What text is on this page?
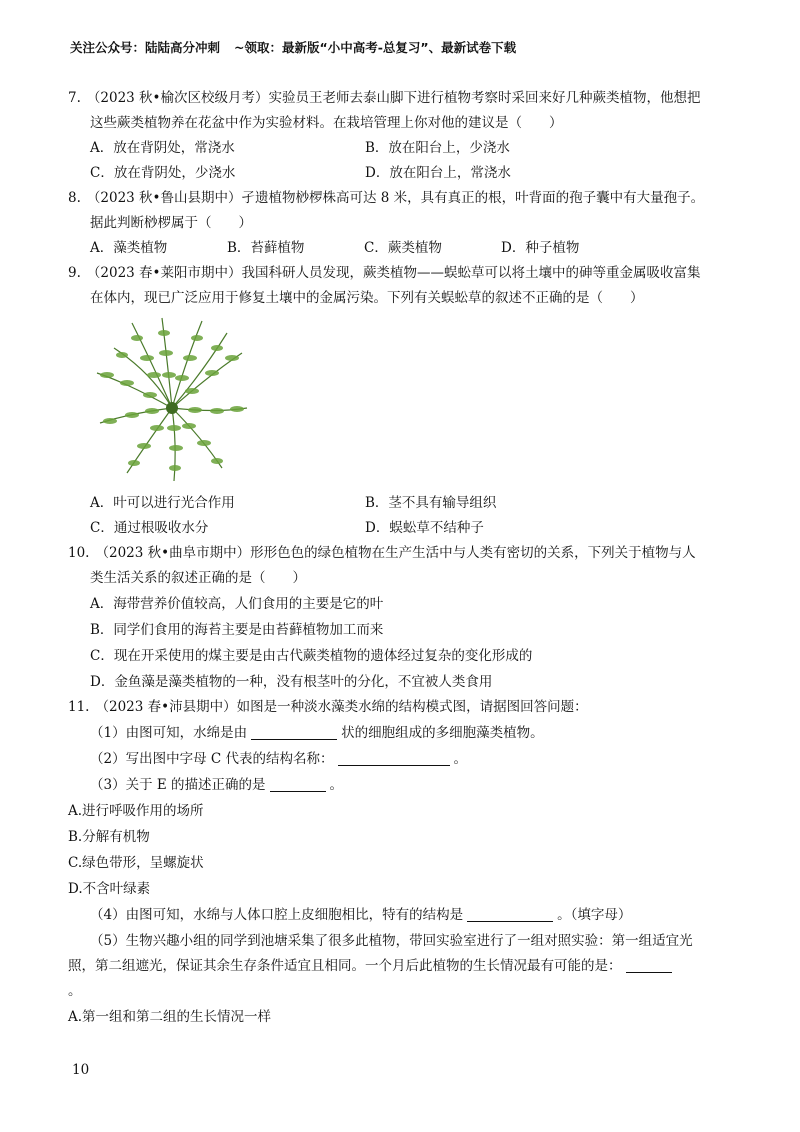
关注公众号：陆陆高分冲刺 ~领取：最新版“小中高考-总复习”、最新试卷下载
7. （2023 秋•榆次区校级月考）实验员王老师去泰山脚下进行植物考察时采回来好几种蕨类植物，他想把
这些蕨类植物养在花盆中作为实验材料。在栽培管理上你对他的建议是（　　）
A．放在背阴处，常浇水	B．放在阳台上，少浇水
C．放在背阴处，少浇水	D．放在阳台上，常浇水
8. （2023 秋•鲁山县期中）孑遗植物桫椤株高可达 8 米，具有真正的根，叶背面的孢子囊中有大量孢子。
据此判断桫椤属于（　　）
A．藻类植物	B．苔藓植物	C．蕨类植物	D．种子植物
9. （2023 春•莱阳市期中）我国科研人员发现，蕨类植物——蜈蚣草可以将土壤中的砷等重金属吸收富集
在体内，现已广泛应用于修复土壤中的金属污染。下列有关蜈蚣草的叙述不正确的是（　　）
A．叶可以进行光合作用	B．茎不具有输导组织
C．通过根吸收水分	D．蜈蚣草不结种子
10. （2023 秋•曲阜市期中）形形色色的绿色植物在生产生活中与人类有密切的关系，下列关于植物与人
类生活关系的叙述正确的是（　　）
A．海带营养价值较高，人们食用的主要是它的叶
B．同学们食用的海苔主要是由苔藓植物加工而来
C．现在开采使用的煤主要是由古代蕨类植物的遗体经过复杂的变化形成的
D．金鱼藻是藻类植物的一种，没有根茎叶的分化，不宜被人类食用
11. （2023 春•沛县期中）如图是一种淡水藻类水绵的结构模式图，请据图回答问题：
（1）由图可知，水绵是由	状的细胞组成的多细胞藻类植物。
（2）写出图中字母 C 代表的结构名称：	。
（3）关于 E 的描述正确的是	。
A.进行呼吸作用的场所
B.分解有机物
C.绿色带形，呈螺旋状
D.不含叶绿素
（4）由图可知，水绵与人体口腔上皮细胞相比，特有的结构是	。（填字母）
（5）生物兴趣小组的同学到池塘采集了很多此植物，带回实验室进行了一组对照实验：第一组适宜光
照，第二组遮光，保证其余生存条件适宜且相同。一个月后此植物的生长情况最有可能的是：
。
A.第一组和第二组的生长情况一样
10
